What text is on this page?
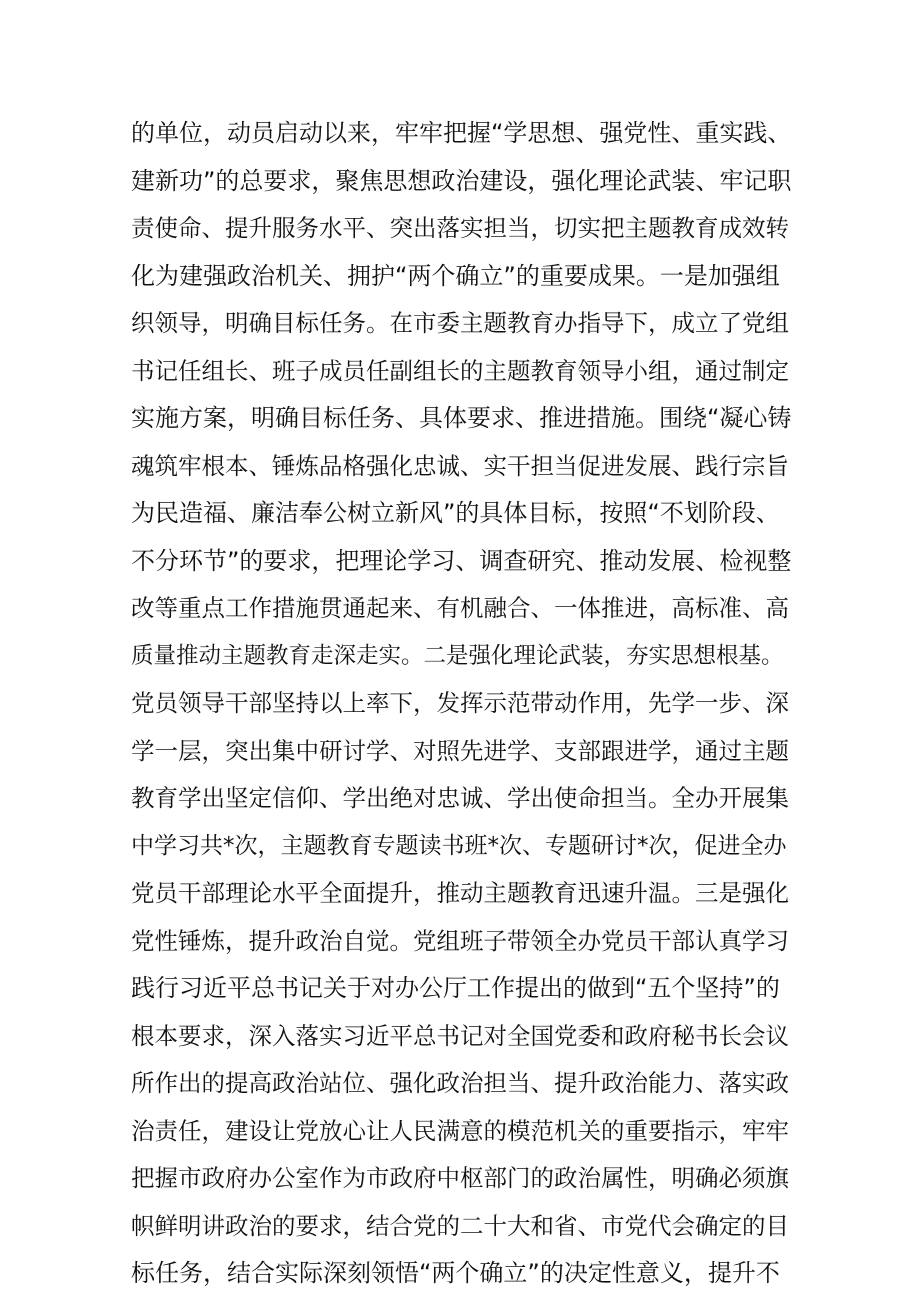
的单位，动员启动以来，牢牢把握“学思想、强党性、重实践、
建新功”的总要求，聚焦思想政治建设，强化理论武装、牢记职
责使命、提升服务水平、突出落实担当，切实把主题教育成效转
化为建强政治机关、拥护“两个确立”的重要成果。一是加强组
织领导，明确目标任务。在市委主题教育办指导下，成立了党组
书记任组长、班子成员任副组长的主题教育领导小组，通过制定
实施方案，明确目标任务、具体要求、推进措施。围绕“凝心铸
魂筑牢根本、锤炼品格强化忠诚、实干担当促进发展、践行宗旨
为民造福、廉洁奉公树立新风”的具体目标，按照“不划阶段、
不分环节”的要求，把理论学习、调查研究、推动发展、检视整
改等重点工作措施贯通起来、有机融合、一体推进，高标准、高
质量推动主题教育走深走实。二是强化理论武装，夯实思想根基。
党员领导干部坚持以上率下，发挥示范带动作用，先学一步、深
学一层，突出集中研讨学、对照先进学、支部跟进学，通过主题
教育学出坚定信仰、学出绝对忠诚、学出使命担当。全办开展集
中学习共*次，主题教育专题读书班*次、专题研讨*次，促进全办
党员干部理论水平全面提升，推动主题教育迅速升温。三是强化
党性锤炼，提升政治自觉。党组班子带领全办党员干部认真学习
践行习近平总书记关于对办公厅工作提出的做到“五个坚持”的
根本要求，深入落实习近平总书记对全国党委和政府秘书长会议
所作出的提高政治站位、强化政治担当、提升政治能力、落实政
治责任，建设让党放心让人民满意的模范机关的重要指示，牢牢
把握市政府办公室作为市政府中枢部门的政治属性，明确必须旗
帜鲜明讲政治的要求，结合党的二十大和省、市党代会确定的目
标任务，结合实际深刻领悟“两个确立”的决定性意义，提升不
